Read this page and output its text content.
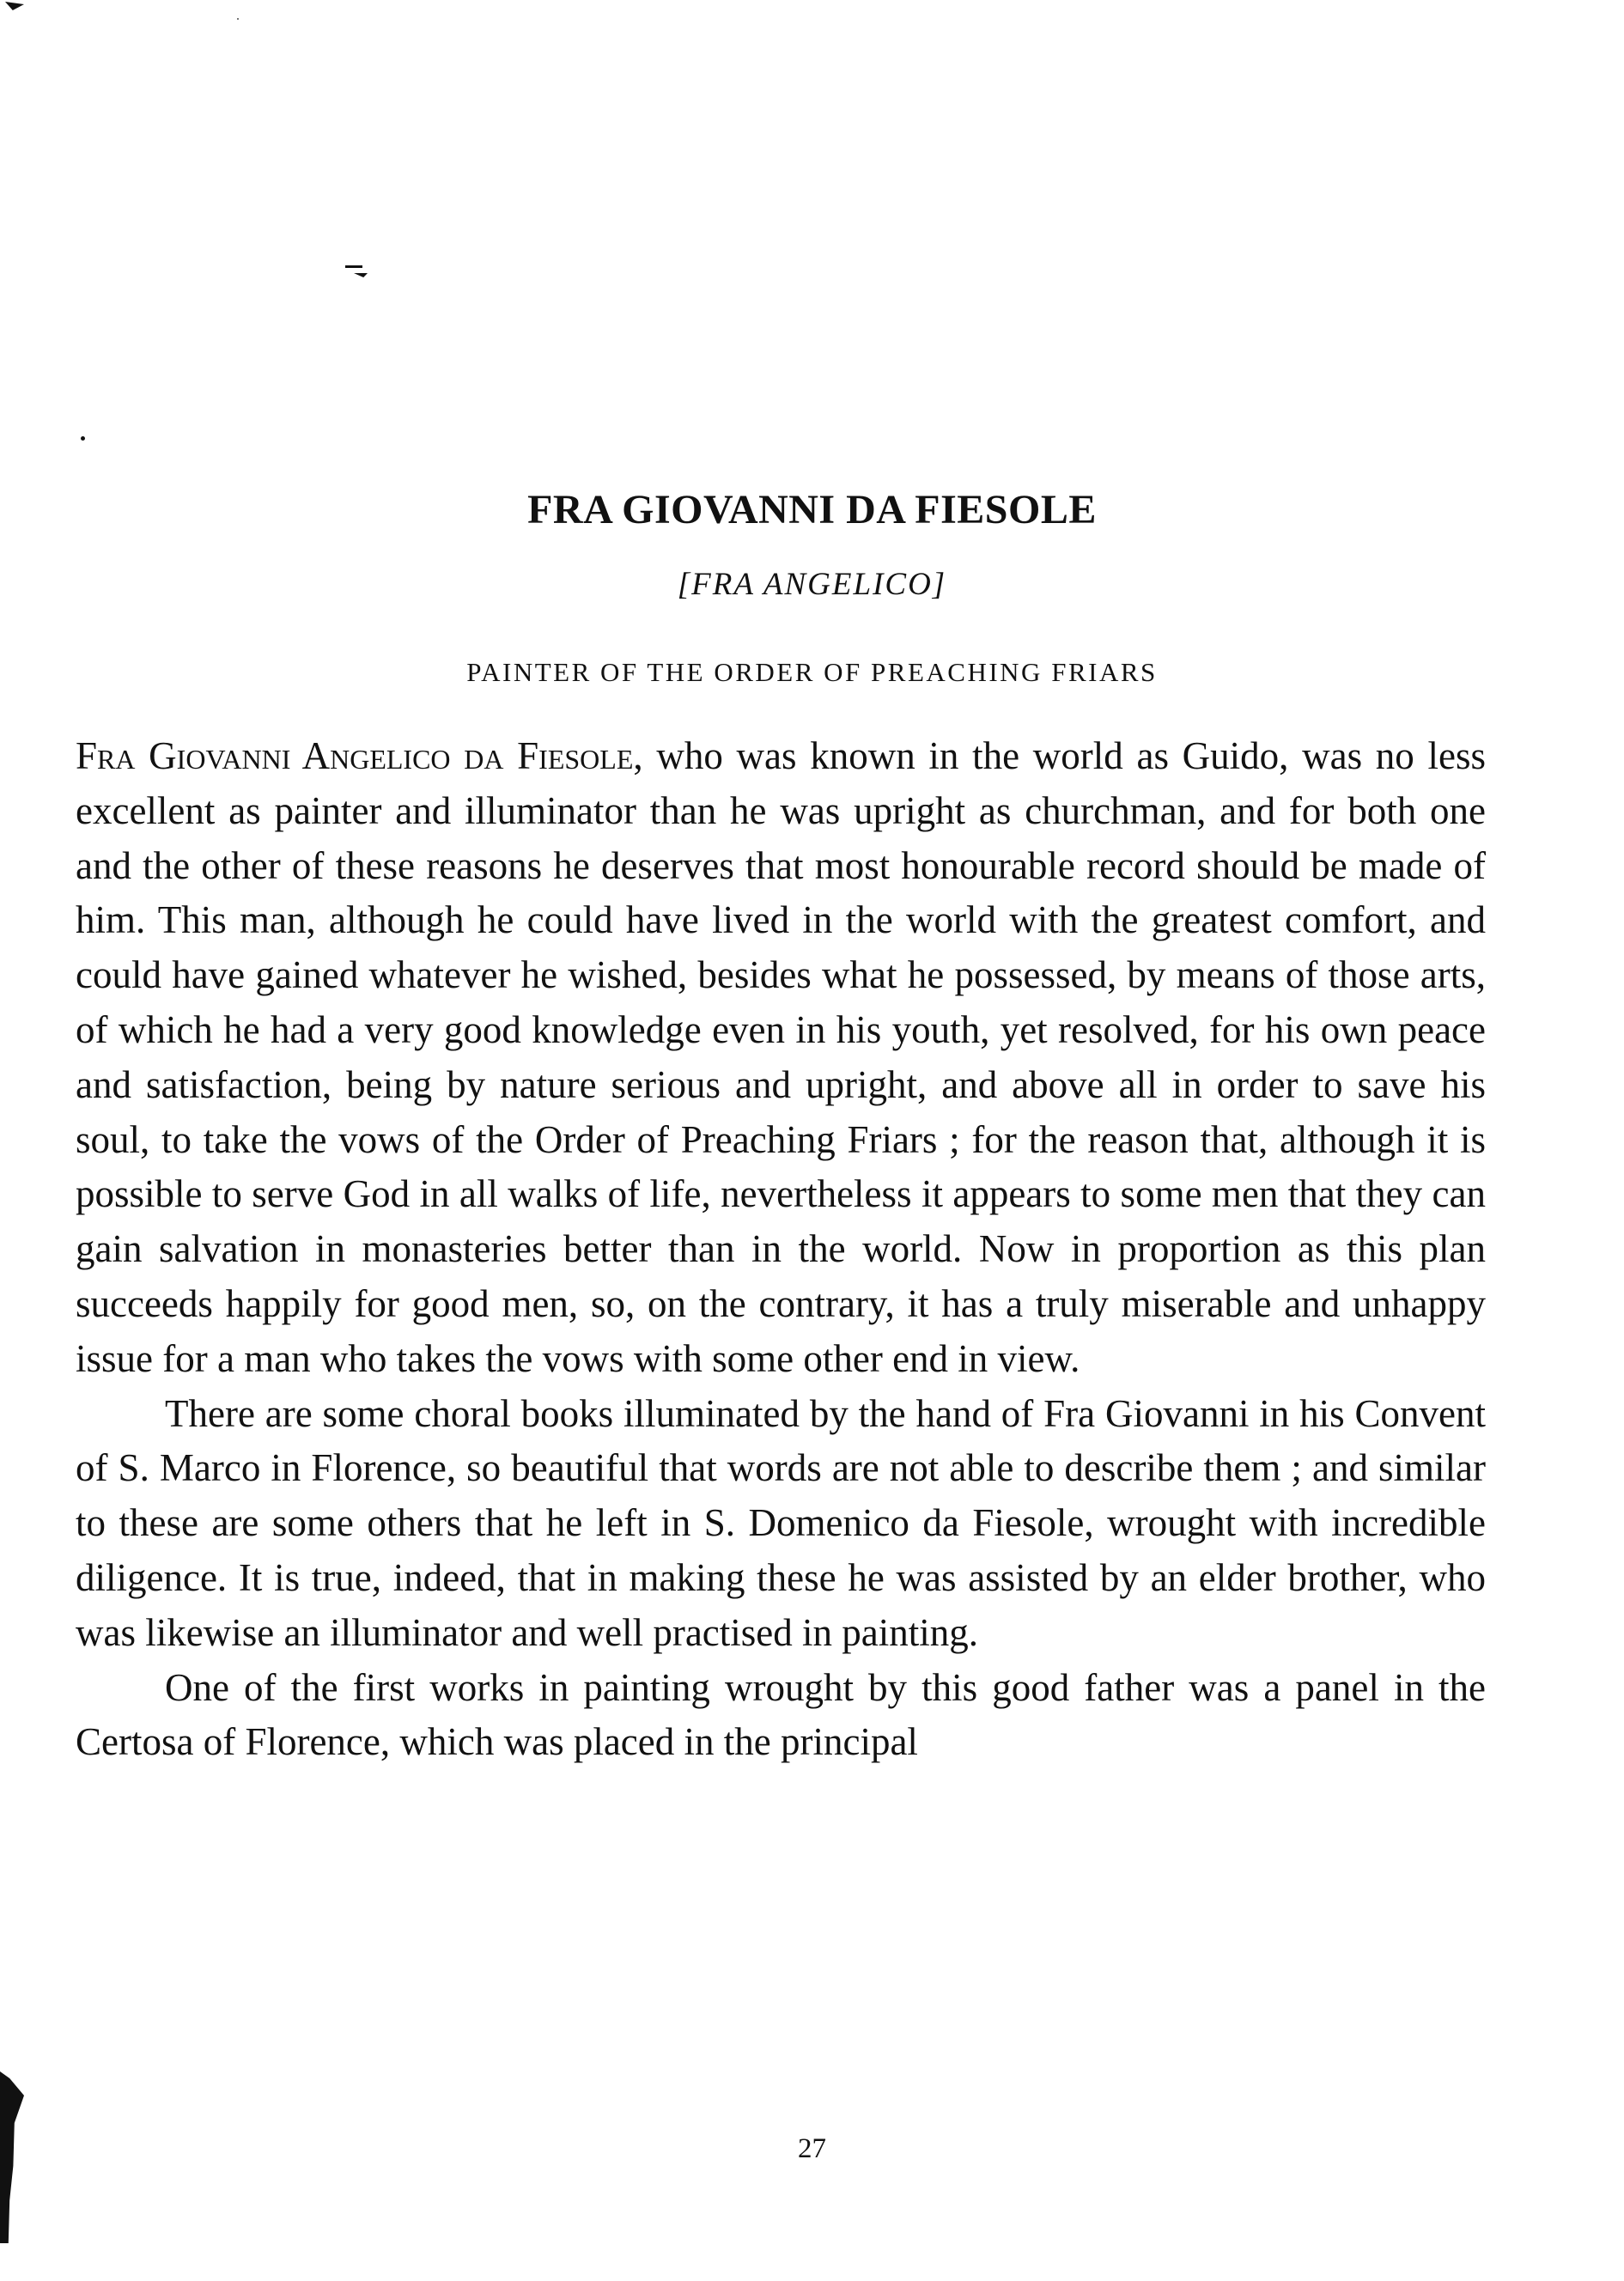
FRA GIOVANNI DA FIESOLE
[FRA ANGELICO]
PAINTER OF THE ORDER OF PREACHING FRIARS

Fra Giovanni Angelico da Fiesole, who was known in the world as Guido, was no less excellent as painter and illuminator than he was upright as churchman, and for both one and the other of these reasons he deserves that most honourable record should be made of him. This man, although he could have lived in the world with the greatest comfort, and could have gained whatever he wished, besides what he possessed, by means of those arts, of which he had a very good knowledge even in his youth, yet resolved, for his own peace and satisfaction, being by nature serious and upright, and above all in order to save his soul, to take the vows of the Order of Preaching Friars ; for the reason that, although it is possible to serve God in all walks of life, nevertheless it appears to some men that they can gain salvation in monasteries better than in the world. Now in proportion as this plan succeeds happily for good men, so, on the contrary, it has a truly miserable and unhappy issue for a man who takes the vows with some other end in view.

There are some choral books illuminated by the hand of Fra Giovanni in his Convent of S. Marco in Florence, so beautiful that words are not able to describe them ; and similar to these are some others that he left in S. Domenico da Fiesole, wrought with incredible diligence. It is true, indeed, that in making these he was assisted by an elder brother, who was likewise an illuminator and well practised in painting.

One of the first works in painting wrought by this good father was a panel in the Certosa of Florence, which was placed in the principal

27
